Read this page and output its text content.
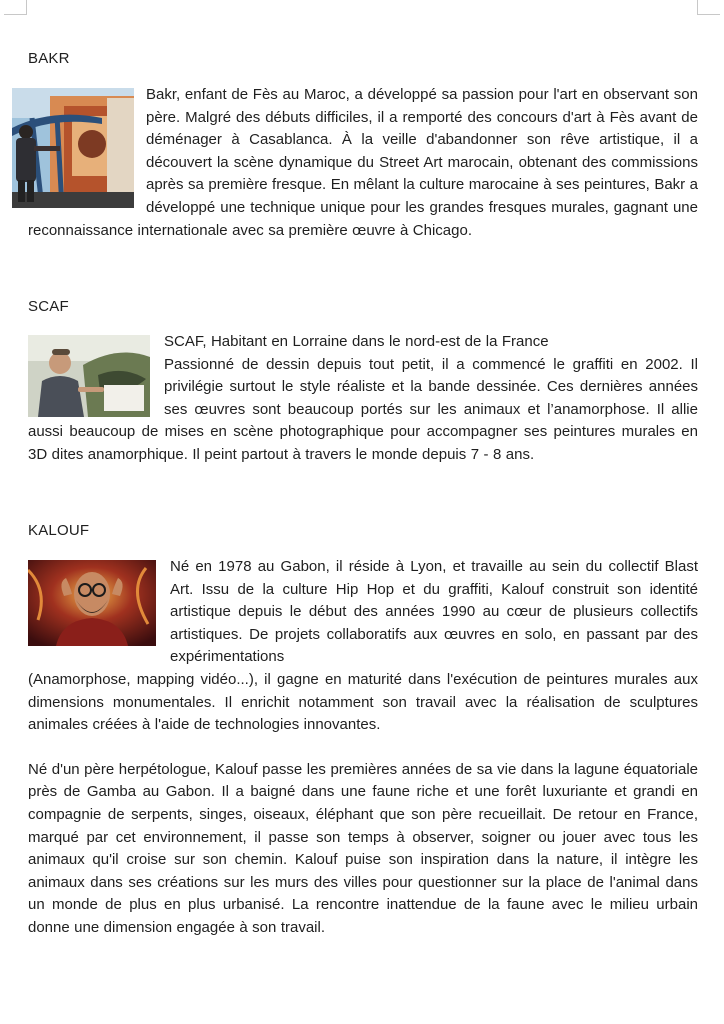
BAKR
Bakr, enfant de Fès au Maroc, a développé sa passion pour l'art en observant son père. Malgré des débuts difficiles, il a remporté des concours d'art à Fès avant de déménager à Casablanca. À la veille d'abandonner son rêve artistique, il a découvert la scène dynamique du Street Art marocain, obtenant des commissions après sa première fresque. En mêlant la culture marocaine à ses peintures, Bakr a développé une technique unique pour les grandes fresques murales, gagnant une reconnaissance internationale avec sa première œuvre à Chicago.
SCAF
SCAF, Habitant en Lorraine dans le nord-est de la France
Passionné de dessin depuis tout petit, il a commencé le graffiti en 2002. Il privilégie surtout le style réaliste et la bande dessinée. Ces dernières années ses œuvres sont beaucoup portés sur les animaux et l’anamorphose. Il allie aussi beaucoup de mises en scène photographique pour accompagner ses peintures murales en 3D dites anamorphique. Il peint partout à travers le monde depuis 7 - 8 ans.
KALOUF
Né en 1978 au Gabon, il réside à Lyon, et travaille au sein du collectif Blast Art. Issu de la culture Hip Hop et du graffiti, Kalouf construit son identité artistique depuis le début des années 1990 au cœur de plusieurs collectifs artistiques. De projets collaboratifs aux œuvres en solo, en passant par des expérimentations
(Anamorphose, mapping vidéo...), il gagne en maturité dans l'exécution de peintures murales aux dimensions monumentales. Il enrichit notamment son travail avec la réalisation de sculptures animales créées à l'aide de technologies innovantes.

Né d'un père herpétologue, Kalouf passe les premières années de sa vie dans la lagune équatoriale près de Gamba au Gabon. Il a baigné dans une faune riche et une forêt luxuriante et grandi en compagnie de serpents, singes, oiseaux, éléphant que son père recueillait. De retour en France, marqué par cet environnement, il passe son temps à observer, soigner ou jouer avec tous les animaux qu'il croise sur son chemin. Kalouf puise son inspiration dans la nature, il intègre les animaux dans ses créations sur les murs des villes pour questionner sur la place de l'animal dans un monde de plus en plus urbanisé. La rencontre inattendue de la faune avec le milieu urbain donne une dimension engagée à son travail.
